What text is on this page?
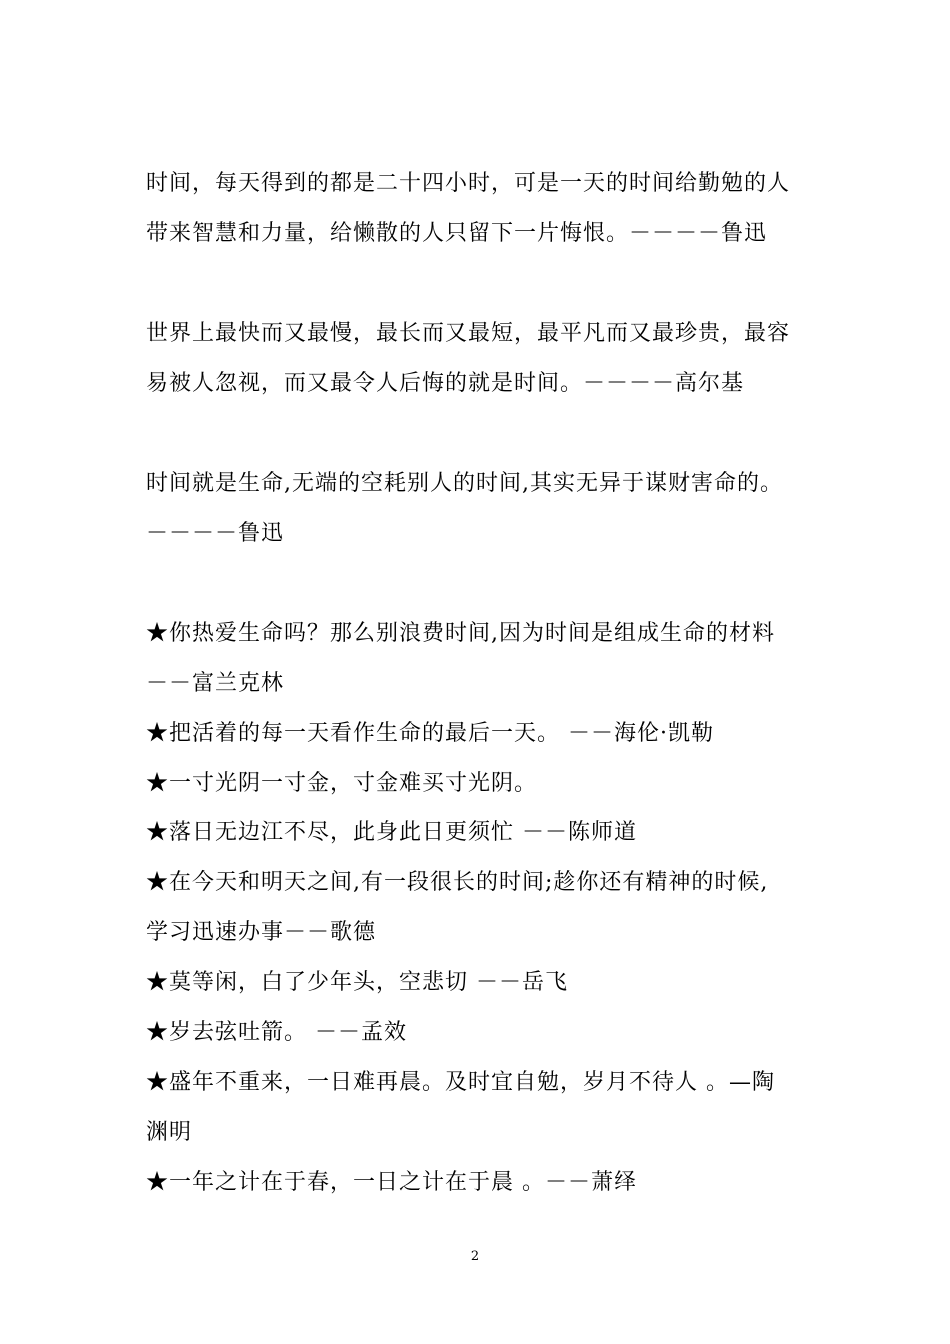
时间，每天得到的都是二十四小时，可是一天的时间给勤勉的人
带来智慧和力量，给懒散的人只留下一片悔恨。－－－－鲁迅
世界上最快而又最慢，最长而又最短，最平凡而又最珍贵，最容
易被人忽视，而又最令人后悔的就是时间。－－－－高尔基
时间就是生命,无端的空耗别人的时间,其实无异于谋财害命的。
－－－－鲁迅
★你热爱生命吗？那么别浪费时间,因为时间是组成生命的材料
－－富兰克林
★把活着的每一天看作生命的最后一天。 －－海伦·凯勒
★一寸光阴一寸金，寸金难买寸光阴。
★落日无边江不尽，此身此日更须忙 －－陈师道
★在今天和明天之间,有一段很长的时间;趁你还有精神的时候,
学习迅速办事－－歌德
★莫等闲，白了少年头，空悲切 －－岳飞
★岁去弦吐箭。 －－孟效
★盛年不重来，一日难再晨。及时宜自勉，岁月不待人 。—陶
渊明
★一年之计在于春，一日之计在于晨 。－－萧绎
2
